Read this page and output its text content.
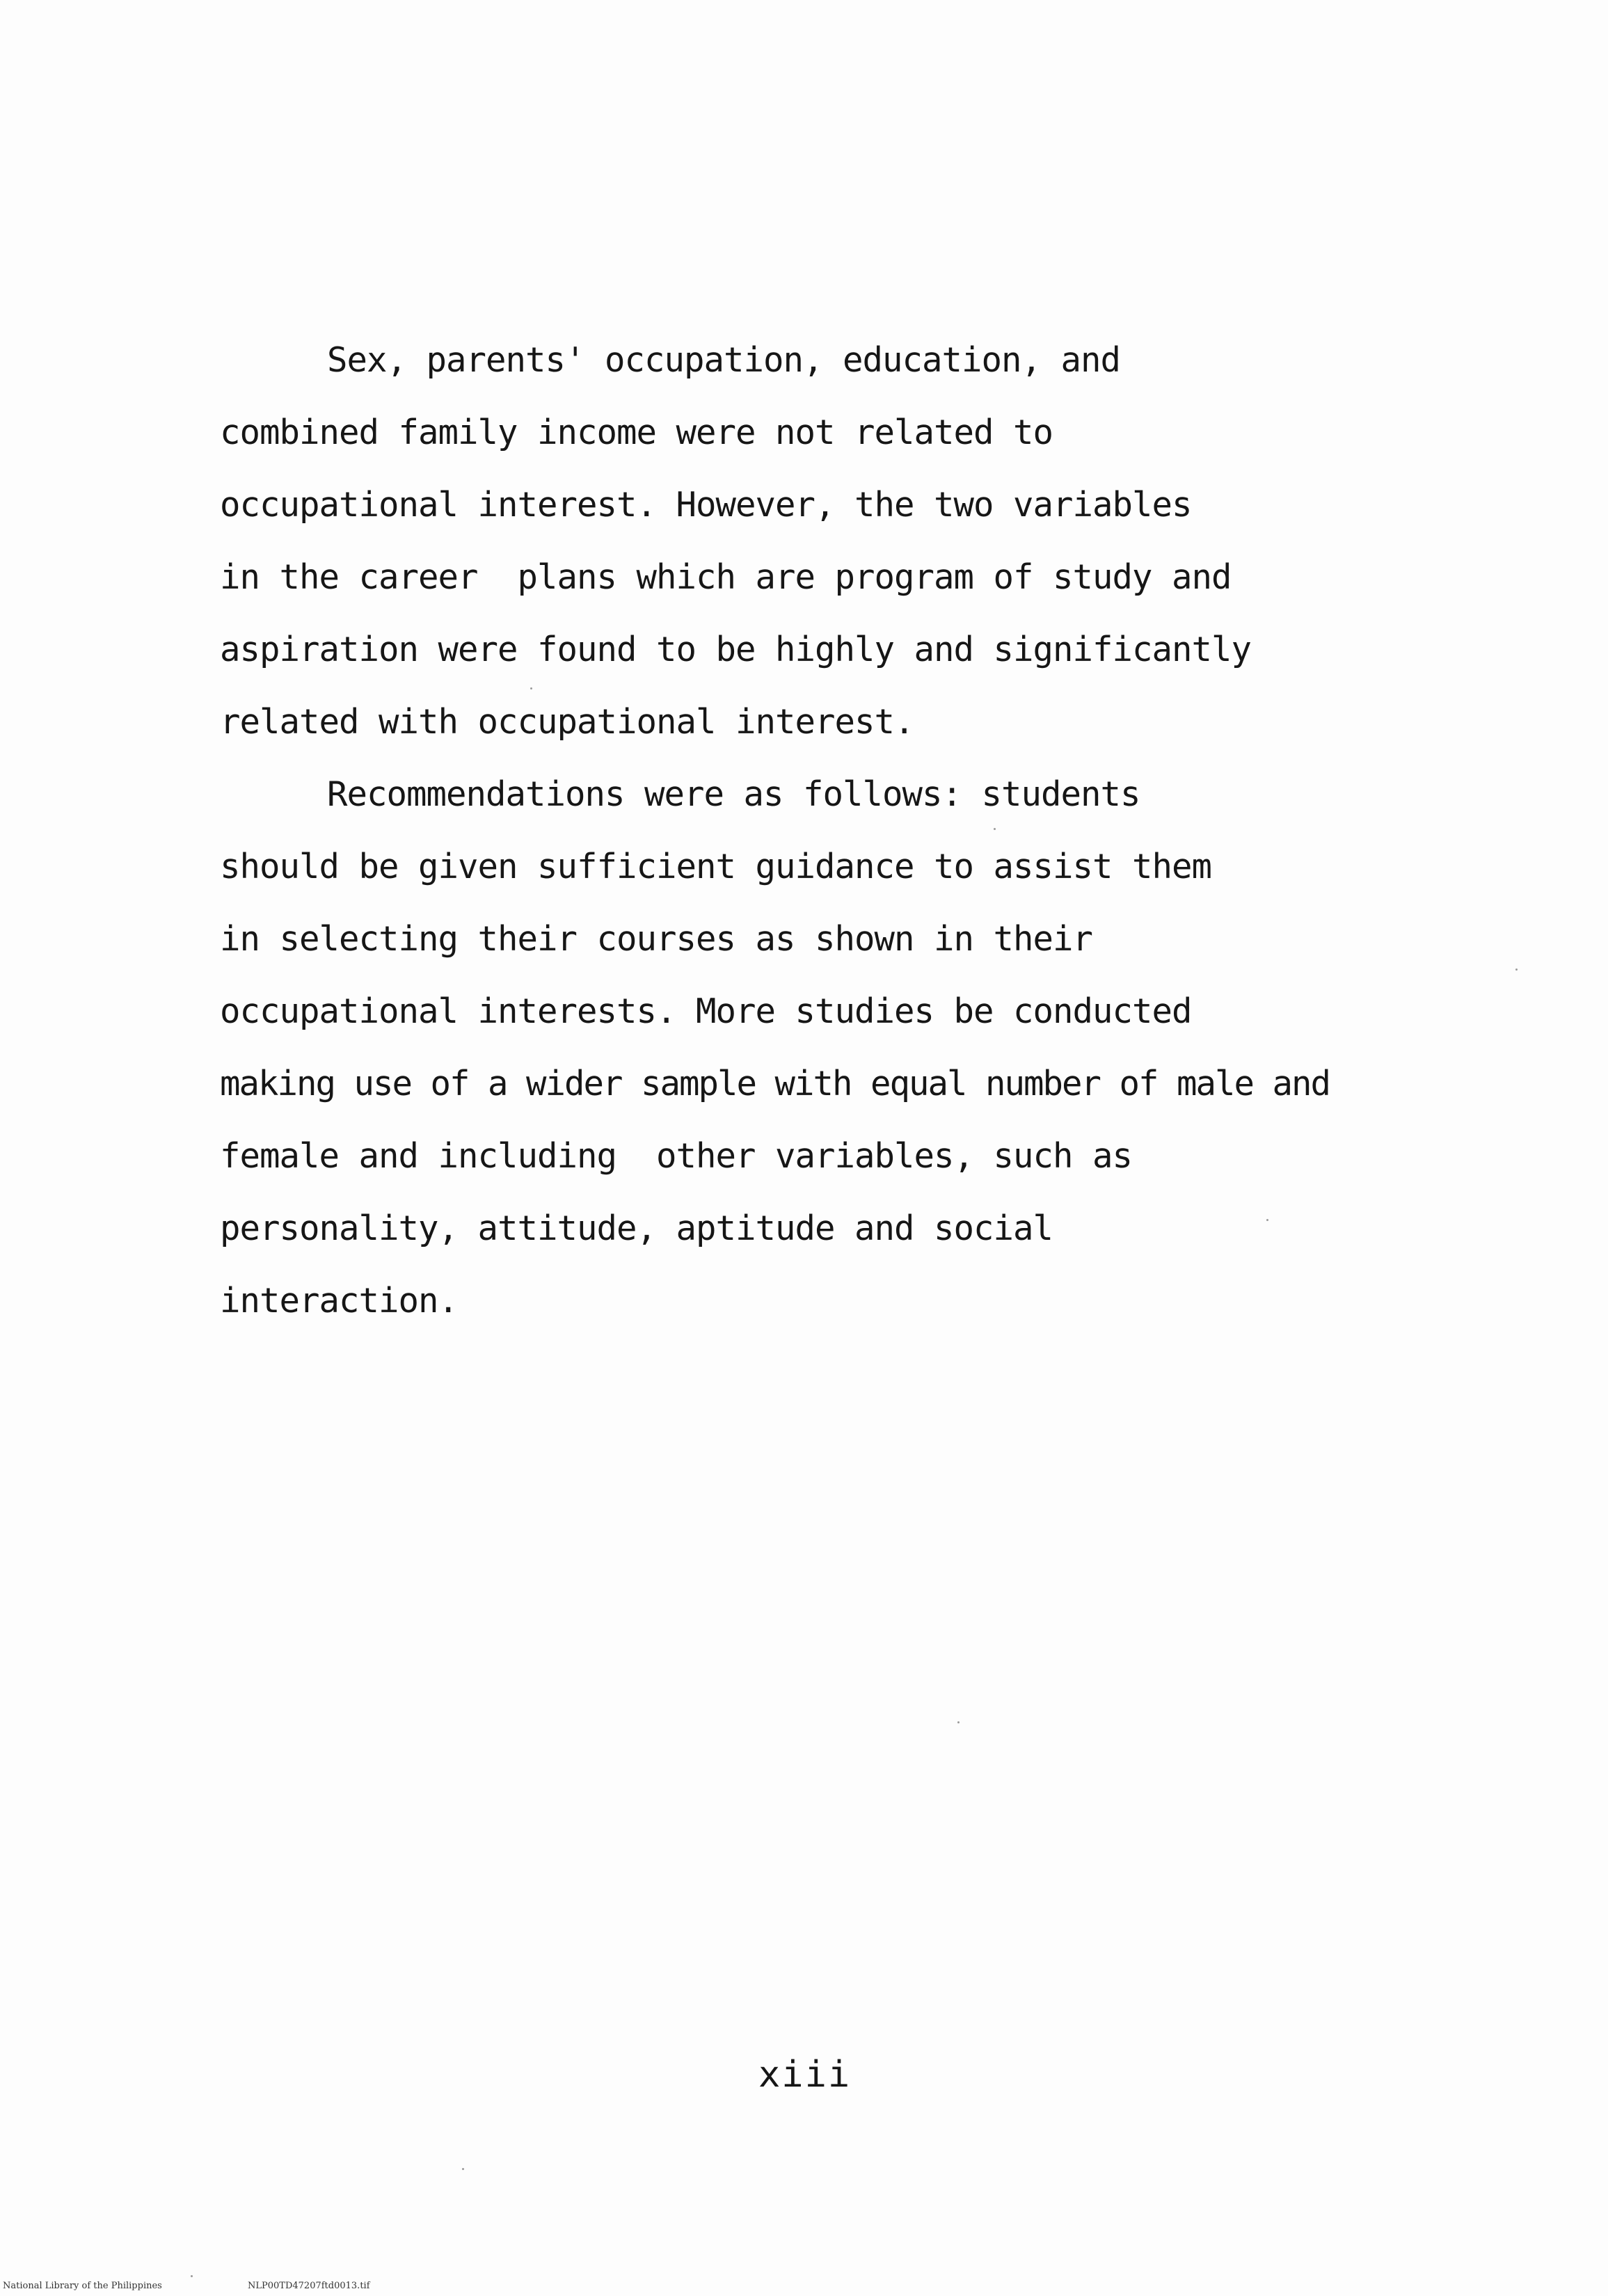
Sex, parents' occupation, education, and
combined family income were not related to
occupational interest. However, the two variables
in the career  plans which are program of study and
aspiration were found to be highly and significantly
related with occupational interest.
Recommendations were as follows: students
should be given sufficient guidance to assist them
in selecting their courses as shown in their
occupational interests. More studies be conducted
making use of a wider sample with equal number of male and
female and including  other variables, such as
personality, attitude, aptitude and social
interaction.
xiii
National Library of the Philippines	NLP00TD47207ftd0013.tif
